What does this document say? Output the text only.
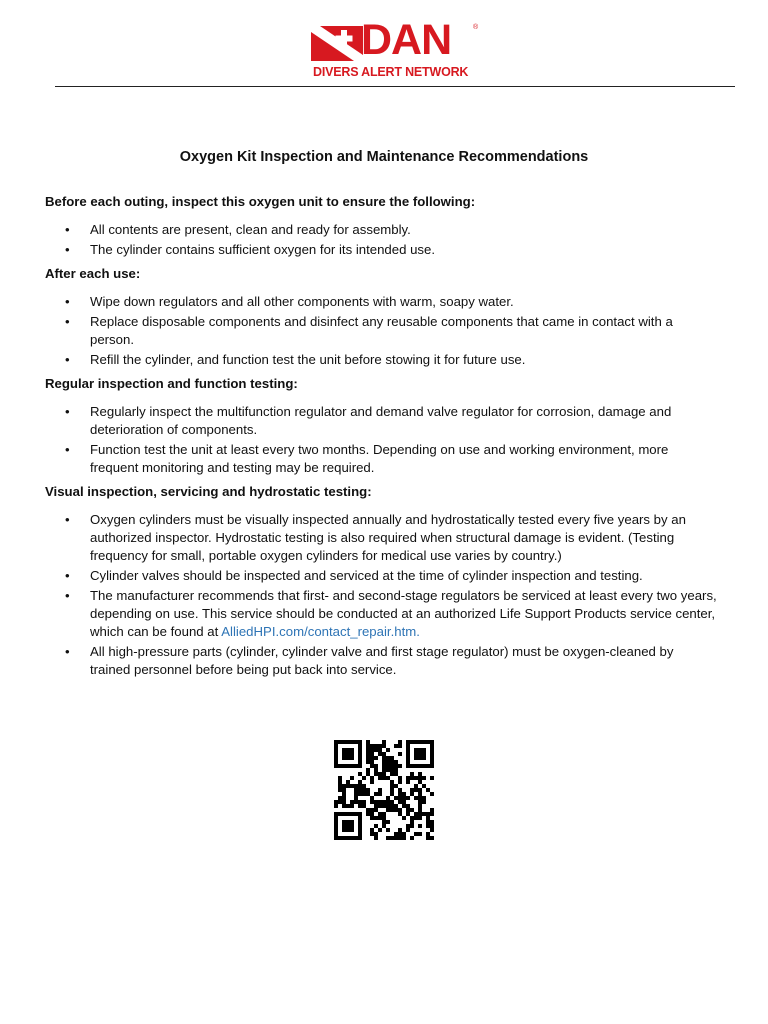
DAN	®
DIVERS ALERT NETWORK
Oxygen Kit Inspection and Maintenance Recommendations
Before each outing, inspect this oxygen unit to ensure the following:
• All contents are present, clean and ready for assembly.
• The cylinder contains sufficient oxygen for its intended use.
After each use:
• Wipe down regulators and all other components with warm, soapy water.
• Replace disposable components and disinfect any reusable components that came in contact with a person.
• Refill the cylinder, and function test the unit before stowing it for future use.
Regular inspection and function testing:
• Regularly inspect the multifunction regulator and demand valve regulator for corrosion, damage and deterioration of components.
• Function test the unit at least every two months. Depending on use and working environment, more frequent monitoring and testing may be required.
Visual inspection, servicing and hydrostatic testing:
• Oxygen cylinders must be visually inspected annually and hydrostatically tested every five years by an authorized inspector. Hydrostatic testing is also required when structural damage is evident. (Testing frequency for small, portable oxygen cylinders for medical use varies by country.)
• Cylinder valves should be inspected and serviced at the time of cylinder inspection and testing.
• The manufacturer recommends that first- and second-stage regulators be serviced at least every two years, depending on use. This service should be conducted at an authorized Life Support Products service center, which can be found at AlliedHPI.com/contact_repair.htm.
• All high-pressure parts (cylinder, cylinder valve and first stage regulator) must be oxygen-cleaned by trained personnel before being put back into service.
